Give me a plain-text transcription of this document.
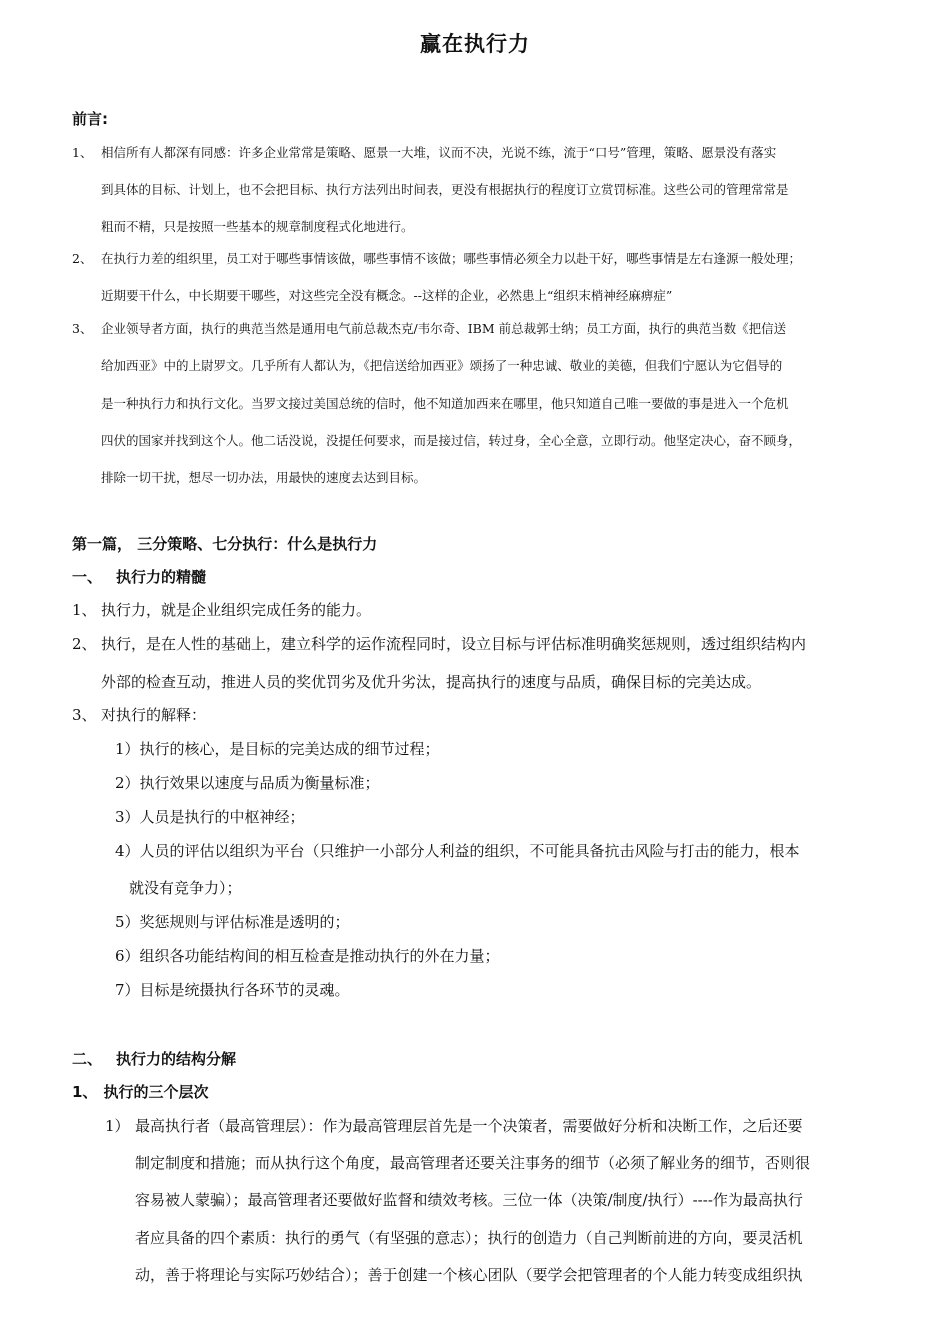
赢在执行力
前言:
1、 相信所有人都深有同感：许多企业常常是策略、愿景一大堆，议而不决，光说不练，流于“口号”管理，策略、愿景没有落实
到具体的目标、计划上，也不会把目标、执行方法列出时间表，更没有根据执行的程度订立赏罚标准。这些公司的管理常常是
粗而不精，只是按照一些基本的规章制度程式化地进行。
2、 在执行力差的组织里，员工对于哪些事情该做，哪些事情不该做；哪些事情必须全力以赴干好，哪些事情是左右逢源一般处理；
近期要干什么，中长期要干哪些，对这些完全没有概念。--这样的企业，必然患上“组织末梢神经麻痹症”
3、 企业领导者方面，执行的典范当然是通用电气前总裁杰克/韦尔奇、IBM 前总裁郭士纳；员工方面，执行的典范当数《把信送
给加西亚》中的上尉罗文。几乎所有人都认为，《把信送给加西亚》颂扬了一种忠诚、敬业的美德，但我们宁愿认为它倡导的
是一种执行力和执行文化。当罗文接过美国总统的信时，他不知道加西来在哪里，他只知道自己唯一要做的事是进入一个危机
四伏的国家并找到这个人。他二话没说，没提任何要求，而是接过信，转过身，全心全意，立即行动。他坚定决心，奋不顾身，
排除一切干扰，想尽一切办法，用最快的速度去达到目标。
第一篇， 三分策略、七分执行：什么是执行力
一、 执行力的精髓
1、 执行力，就是企业组织完成任务的能力。
2、 执行，是在人性的基础上，建立科学的运作流程同时，设立目标与评估标准明确奖惩规则，透过组织结构内
外部的检查互动，推进人员的奖优罚劣及优升劣汰，提高执行的速度与品质，确保目标的完美达成。
3、 对执行的解释：
1）执行的核心，是目标的完美达成的细节过程；
2）执行效果以速度与品质为衡量标准；
3）人员是执行的中枢神经；
4）人员的评估以组织为平台（只维护一小部分人利益的组织，不可能具备抗击风险与打击的能力，根本
就没有竞争力）；
5）奖惩规则与评估标准是透明的；
6）组织各功能结构间的相互检查是推动执行的外在力量；
7）目标是统摄执行各环节的灵魂。
二、 执行力的结构分解
1、 执行的三个层次
1） 最高执行者（最高管理层）：作为最高管理层首先是一个决策者，需要做好分析和决断工作，之后还要
制定制度和措施；而从执行这个角度，最高管理者还要关注事务的细节（必须了解业务的细节，否则很
容易被人蒙骗）；最高管理者还要做好监督和绩效考核。三位一体（决策/制度/执行）----作为最高执行
者应具备的四个素质：执行的勇气（有坚强的意志）；执行的创造力（自己判断前进的方向，要灵活机
动，善于将理论与实际巧妙结合）；善于创建一个核心团队（要学会把管理者的个人能力转变成组织执
